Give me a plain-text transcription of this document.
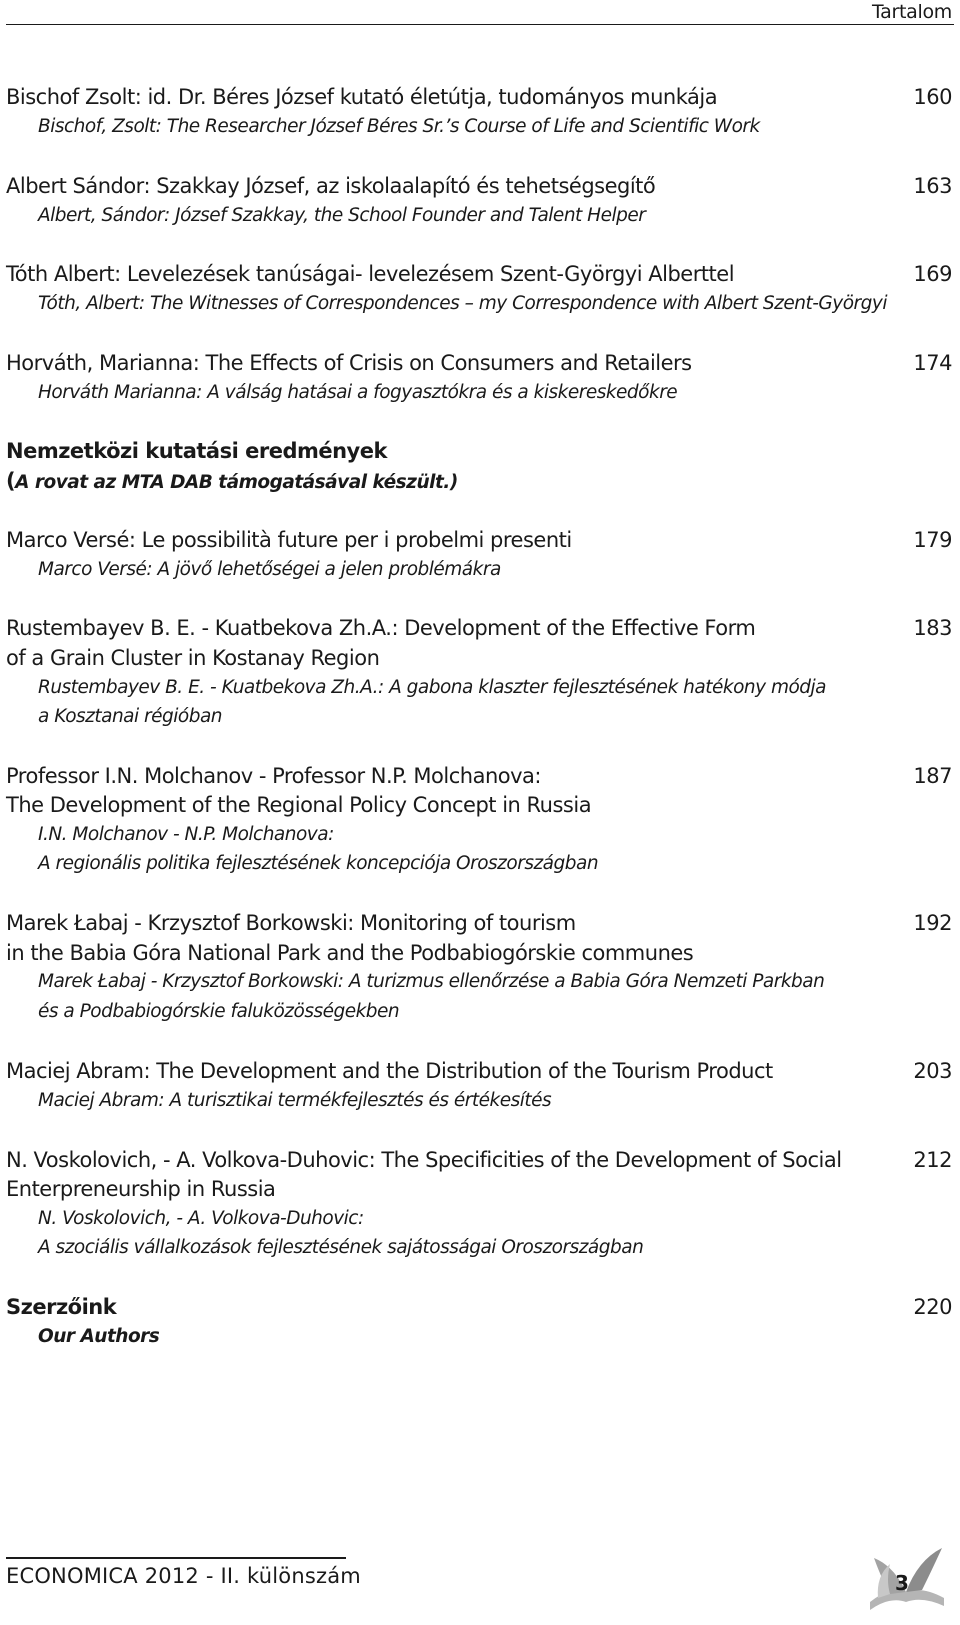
Tartalom
Bischof Zsolt: id. Dr. Béres József kutató életútja, tudományos munkája	160
Bischof, Zsolt: The Researcher József Béres Sr.’s Course of Life and Scientific Work
Albert Sándor: Szakkay József, az iskolaalapító és tehetségsegítő	163
Albert, Sándor: József Szakkay, the School Founder and Talent Helper
Tóth Albert: Levelezések tanúságai- levelezésem Szent-Györgyi Alberttel	169
Tóth, Albert: The Witnesses of Correspondences – my Correspondence with Albert Szent-Györgyi
Horváth, Marianna: The Effects of Crisis on Consumers and Retailers	174
Horváth Marianna: A válság hatásai a fogyasztókra és a kiskereskedőkre
Nemzetközi kutatási eredmények
(A rovat az MTA DAB támogatásával készült.)
Marco Versé: Le possibilità future per i probelmi presenti	179
Marco Versé: A jövő lehetőségei a jelen problémákra
Rustembayev B. E. - Kuatbekova Zh.A.: Development of the Effective Form	183
of a Grain Cluster in Kostanay Region
Rustembayev B. E. - Kuatbekova Zh.A.: A gabona klaszter fejlesztésének hatékony módja
a Kosztanai régióban
Professor I.N. Molchanov - Professor N.P. Molchanova:	187
The Development of the Regional Policy Concept in Russia
I.N. Molchanov - N.P. Molchanova:
A regionális politika fejlesztésének koncepciója Oroszországban
Marek Łabaj - Krzysztof Borkowski: Monitoring of tourism	192
in the Babia Góra National Park and the Podbabiogórskie communes
Marek Łabaj - Krzysztof Borkowski: A turizmus ellenőrzése a Babia Góra Nemzeti Parkban
és a Podbabiogórskie faluközösségekben
Maciej Abram: The Development and the Distribution of the Tourism Product	203
Maciej Abram: A turisztikai termékfejlesztés és értékesítés
N. Voskolovich, - A. Volkova-Duhovic: The Specificities of the Development of Social	212
Enterpreneurship in Russia
N. Voskolovich, - A. Volkova-Duhovic:
A szociális vállalkozások fejlesztésének sajátosságai Oroszországban
Szerzőink	220
Our Authors
ECONOMICA 2012 - II. különszám	3
